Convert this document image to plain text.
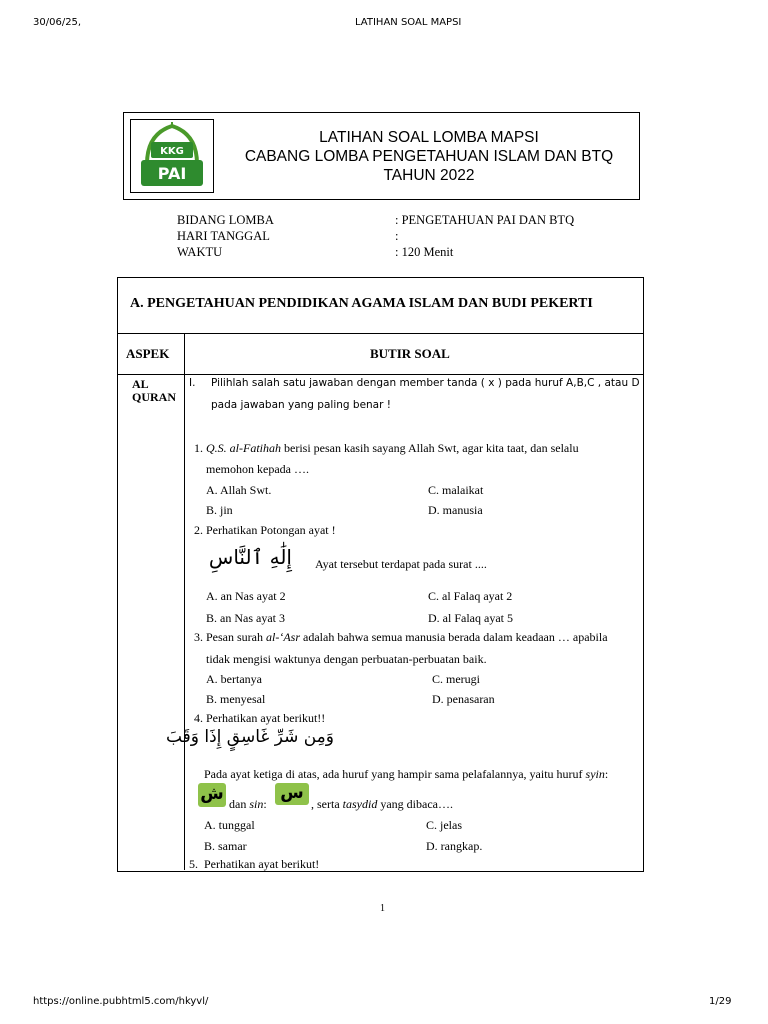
30/06/25,	LATIHAN SOAL MAPSI
KKG
PAI
LATIHAN SOAL LOMBA MAPSI
CABANG LOMBA PENGETAHUAN ISLAM DAN BTQ
TAHUN 2022
BIDANG LOMBA	: PENGETAHUAN PAI DAN BTQ
HARI TANGGAL	:
WAKTU	: 120 Menit
A. PENGETAHUAN PENDIDIKAN AGAMA ISLAM DAN BUDI PEKERTI
ASPEK	BUTIR SOAL
AL
QURAN
I. Pilihlah salah satu jawaban dengan member tanda ( x ) pada huruf A,B,C , atau D
pada jawaban yang paling benar !
1. Q.S. al-Fatihah berisi pesan kasih sayang Allah Swt, agar kita taat, dan selalu
memohon kepada ….
A. Allah Swt.	C. malaikat
B. jin	D. manusia
2. Perhatikan Potongan ayat !
إِلَٰهِ ٱلنَّاسِ Ayat tersebut terdapat pada surat ....
A. an Nas ayat 2	C. al Falaq ayat 2
B. an Nas ayat 3	D. al Falaq ayat 5
3. Pesan surah al-‘Asr adalah bahwa semua manusia berada dalam keadaan … apabila
tidak mengisi waktunya dengan perbuatan-perbuatan baik.
A. bertanya	C. merugi
B. menyesal	D. penasaran
4. Perhatikan ayat berikut!!
وَمِن شَرِّ غَاسِقٍ إِذَا وَقَبَ
Pada ayat ketiga di atas, ada huruf yang hampir sama pelafalannya, yaitu huruf syin:
ش dan sin:
س
, serta tasydid yang dibaca….
A. tunggal	C. jelas
B. samar	D. rangkap.
5. Perhatikan ayat berikut!
1
https://online.pubhtml5.com/hkyvl/	1/29
